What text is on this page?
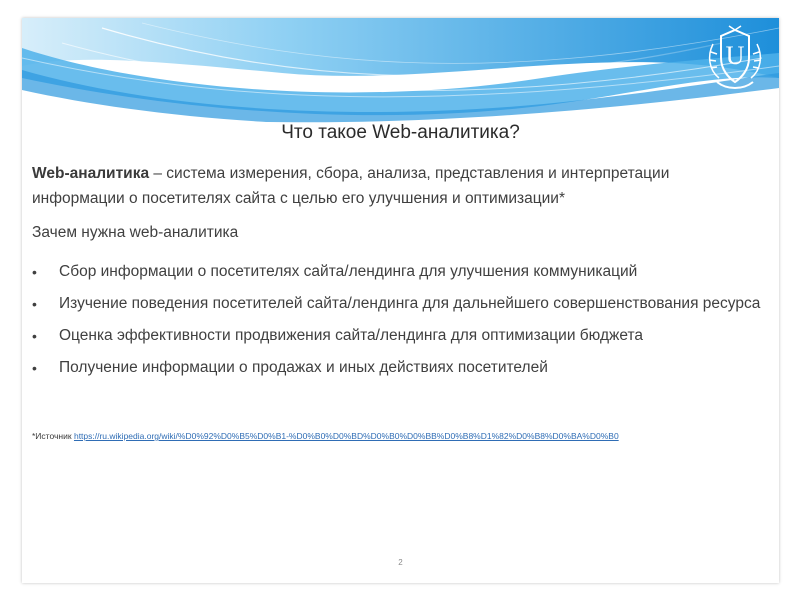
U
Что такое Web-аналитика?
Web-аналитика – система измерения, сбора, анализа, представления и интерпретации информации о посетителях сайта с целью его улучшения и оптимизации*
Зачем нужна web-аналитика
• Сбор информации о посетителях сайта/лендинга для улучшения коммуникаций
• Изучение поведения посетителей сайта/лендинга для дальнейшего совершенствования ресурса
• Оценка эффективности продвижения сайта/лендинга для оптимизации бюджета
• Получение информации о продажах и иных действиях посетителей
*Источник https://ru.wikipedia.org/wiki/%D0%92%D0%B5%D0%B1-%D0%B0%D0%BD%D0%B0%D0%BB%D0%B8%D1%82%D0%B8%D0%BA%D0%B0
2
